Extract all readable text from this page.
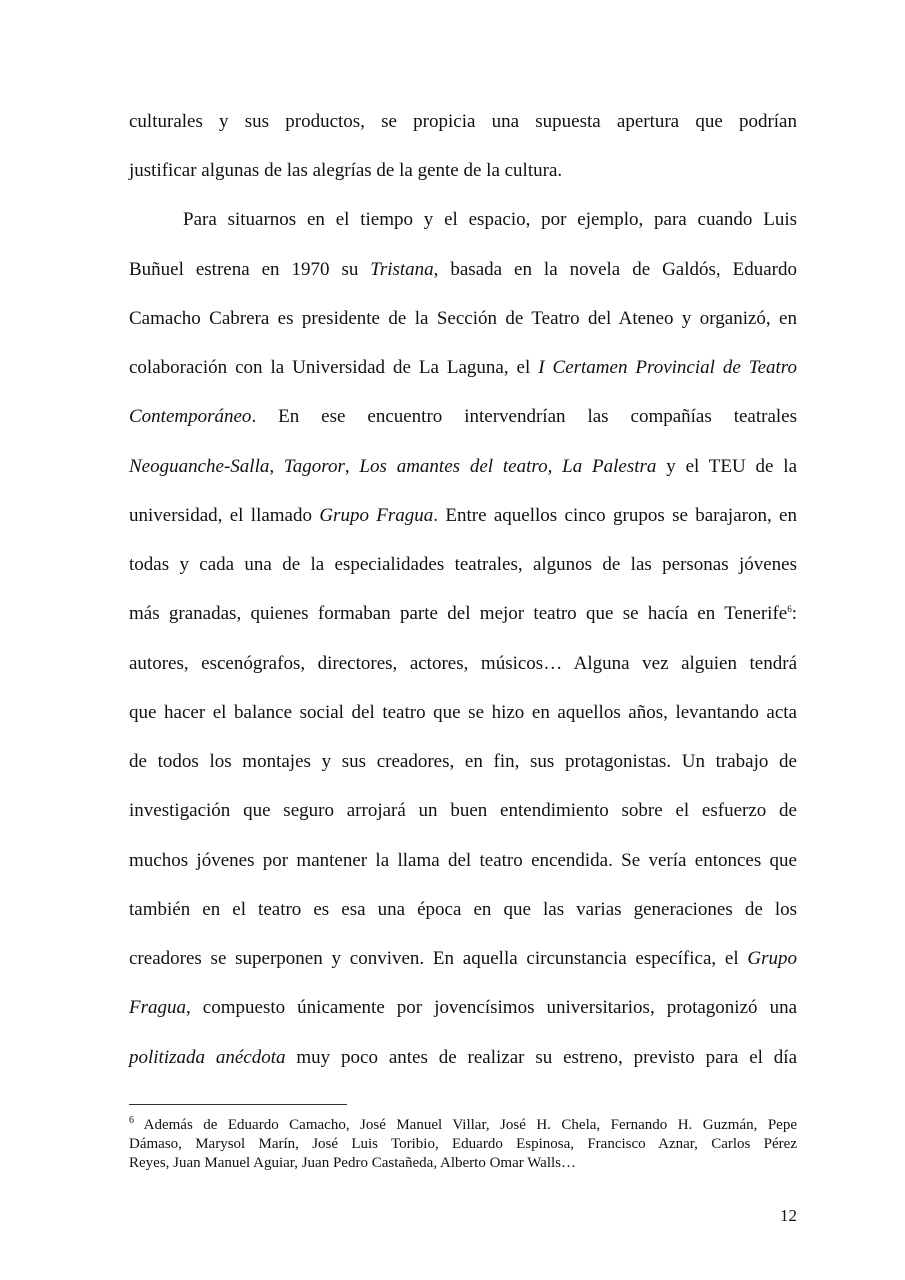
culturales y sus productos, se propicia una supuesta apertura que podrían
justificar algunas de las alegrías de la gente de la cultura.
Para situarnos en el tiempo y el espacio, por ejemplo, para cuando Luis
Buñuel estrena en 1970 su Tristana, basada en la novela de Galdós, Eduardo
Camacho Cabrera es presidente de la Sección de Teatro del Ateneo y organizó, en
colaboración con la Universidad de La Laguna, el I Certamen Provincial de Teatro
Contemporáneo. En ese encuentro intervendrían las compañías teatrales
Neoguanche-Salla, Tagoror, Los amantes del teatro, La Palestra y el TEU de la
universidad, el llamado Grupo Fragua. Entre aquellos cinco grupos se barajaron, en
todas y cada una de la especialidades teatrales, algunos de las personas jóvenes
más granadas, quienes formaban parte del mejor teatro que se hacía en Tenerife$^6$:
autores, escenógrafos, directores, actores, músicos… Alguna vez alguien tendrá
que hacer el balance social del teatro que se hizo en aquellos años, levantando acta
de todos los montajes y sus creadores, en fin, sus protagonistas. Un trabajo de
investigación que seguro arrojará un buen entendimiento sobre el esfuerzo de
muchos jóvenes por mantener la llama del teatro encendida. Se vería entonces que
también en el teatro es esa una época en que las varias generaciones de los
creadores se superponen y conviven. En aquella circunstancia específica, el Grupo
Fragua, compuesto únicamente por jovencísimos universitarios, protagonizó una
politizada anécdota muy poco antes de realizar su estreno, previsto para el día
$^6$ Además de Eduardo Camacho, José Manuel Villar, José H. Chela, Fernando H. Guzmán, Pepe
Dámaso, Marysol Marín, José Luis Toribio, Eduardo Espinosa, Francisco Aznar, Carlos Pérez
Reyes, Juan Manuel Aguiar, Juan Pedro Castañeda, Alberto Omar Walls…
12
